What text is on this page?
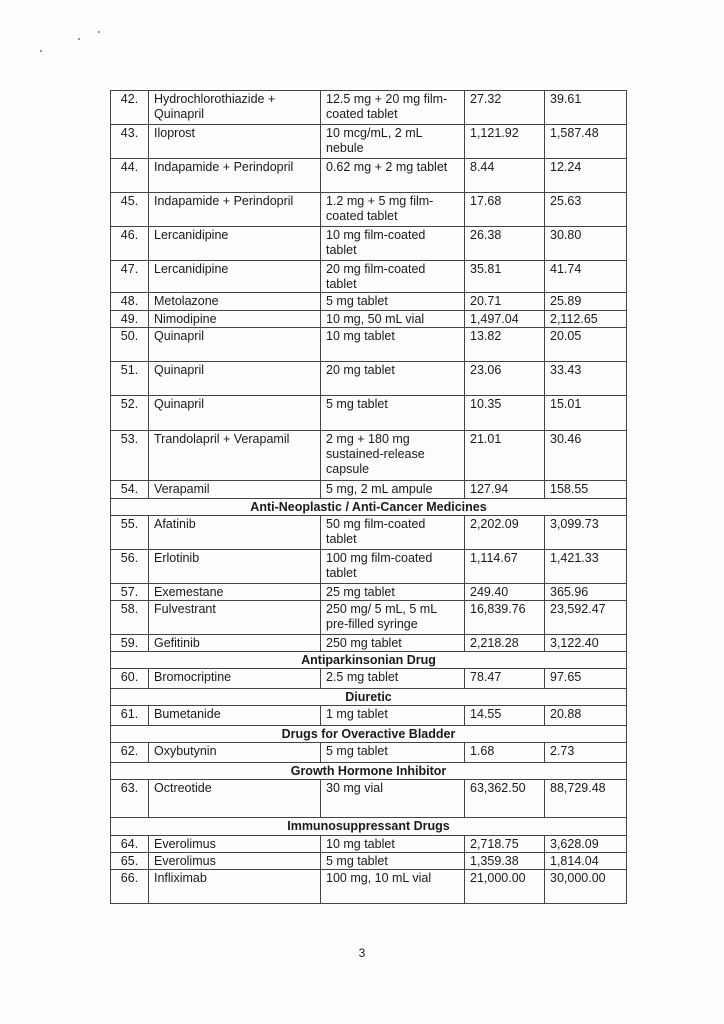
42.	Hydrochlorothiazide + Quinapril	12.5 mg + 20 mg film-coated tablet	27.32	39.61
43.	Iloprost	10 mcg/mL, 2 mL nebule	1,121.92	1,587.48
44.	Indapamide + Perindopril	0.62 mg + 2 mg tablet	8.44	12.24
45.	Indapamide + Perindopril	1.2 mg + 5 mg film-coated tablet	17.68	25.63
46.	Lercanidipine	10 mg film-coated tablet	26.38	30.80
47.	Lercanidipine	20 mg film-coated tablet	35.81	41.74
48.	Metolazone	5 mg tablet	20.71	25.89
49.	Nimodipine	10 mg, 50 mL vial	1,497.04	2,112.65
50.	Quinapril	10 mg tablet	13.82	20.05
51.	Quinapril	20 mg tablet	23.06	33.43
52.	Quinapril	5 mg tablet	10.35	15.01
53.	Trandolapril + Verapamil	2 mg + 180 mg sustained-release capsule	21.01	30.46
54.	Verapamil	5 mg, 2 mL ampule	127.94	158.55
Anti-Neoplastic / Anti-Cancer Medicines				
55.	Afatinib	50 mg film-coated tablet	2,202.09	3,099.73
56.	Erlotinib	100 mg film-coated tablet	1,114.67	1,421.33
57.	Exemestane	25 mg tablet	249.40	365.96
58.	Fulvestrant	250 mg/ 5 mL, 5 mL pre-filled syringe	16,839.76	23,592.47
59.	Gefitinib	250 mg tablet	2,218.28	3,122.40
Antiparkinsonian Drug				
60.	Bromocriptine	2.5 mg tablet	78.47	97.65
Diuretic				
61.	Bumetanide	1 mg tablet	14.55	20.88
Drugs for Overactive Bladder				
62.	Oxybutynin	5 mg tablet	1.68	2.73
Growth Hormone Inhibitor				
63.	Octreotide	30 mg vial	63,362.50	88,729.48
Immunosuppressant Drugs				
64.	Everolimus	10 mg tablet	2,718.75	3,628.09
65.	Everolimus	5 mg tablet	1,359.38	1,814.04
66.	Infliximab	100 mg, 10 mL vial	21,000.00	30,000.00
3
